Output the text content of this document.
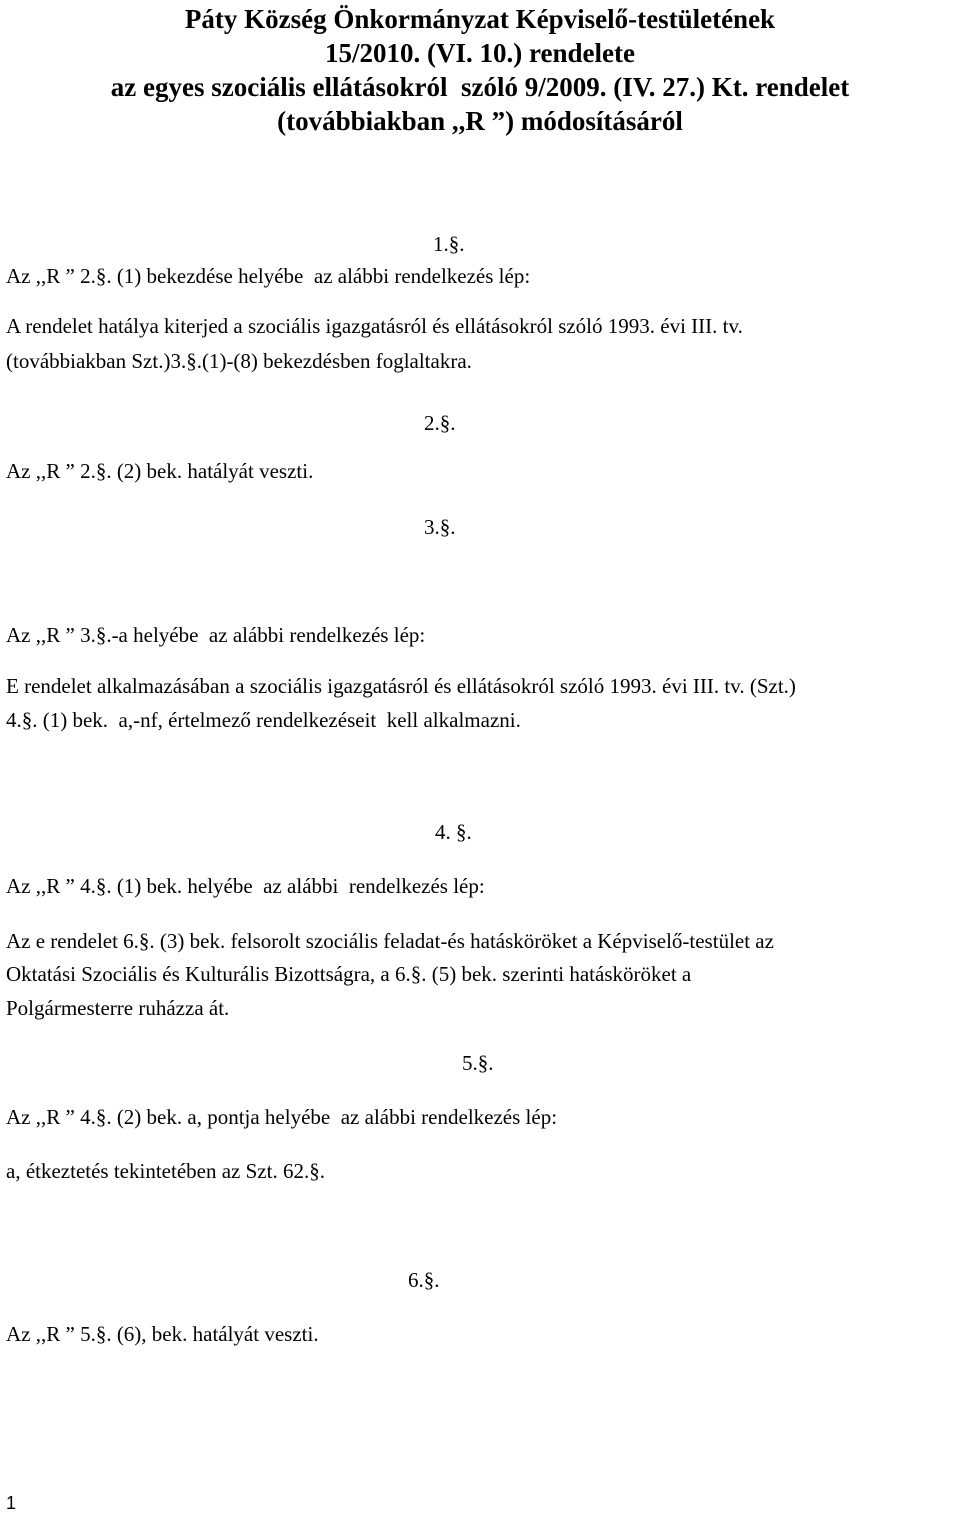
Páty Község Önkormányzat Képviselő-testületének
15/2010. (VI. 10.) rendelete
az egyes szociális ellátásokról  szóló 9/2009. (IV. 27.) Kt. rendelet
(továbbiakban ,,R ”) módosításáról
1.§.
Az ,,R ” 2.§. (1) bekezdése helyébe  az alábbi rendelkezés lép:
A rendelet hatálya kiterjed a szociális igazgatásról és ellátásokról szóló 1993. évi III. tv.
(továbbiakban Szt.)3.§.(1)-(8) bekezdésben foglaltakra.
2.§.
Az ,,R ” 2.§. (2) bek. hatályát veszti.
3.§.
Az ,,R ” 3.§.-a helyébe  az alábbi rendelkezés lép:
E rendelet alkalmazásában a szociális igazgatásról és ellátásokról szóló 1993. évi III. tv. (Szt.)
4.§. (1) bek.  a,-nf, értelmező rendelkezéseit  kell alkalmazni.
4. §.
Az ,,R ” 4.§. (1) bek. helyébe  az alábbi  rendelkezés lép:
Az e rendelet 6.§. (3) bek. felsorolt szociális feladat-és hatásköröket a Képviselő-testület az
Oktatási Szociális és Kulturális Bizottságra, a 6.§. (5) bek. szerinti hatásköröket a
Polgármesterre ruházza át.
5.§.
Az ,,R ” 4.§. (2) bek. a, pontja helyébe  az alábbi rendelkezés lép:
a, étkeztetés tekintetében az Szt. 62.§.
6.§.
Az ,,R ” 5.§. (6), bek. hatályát veszti.
1
